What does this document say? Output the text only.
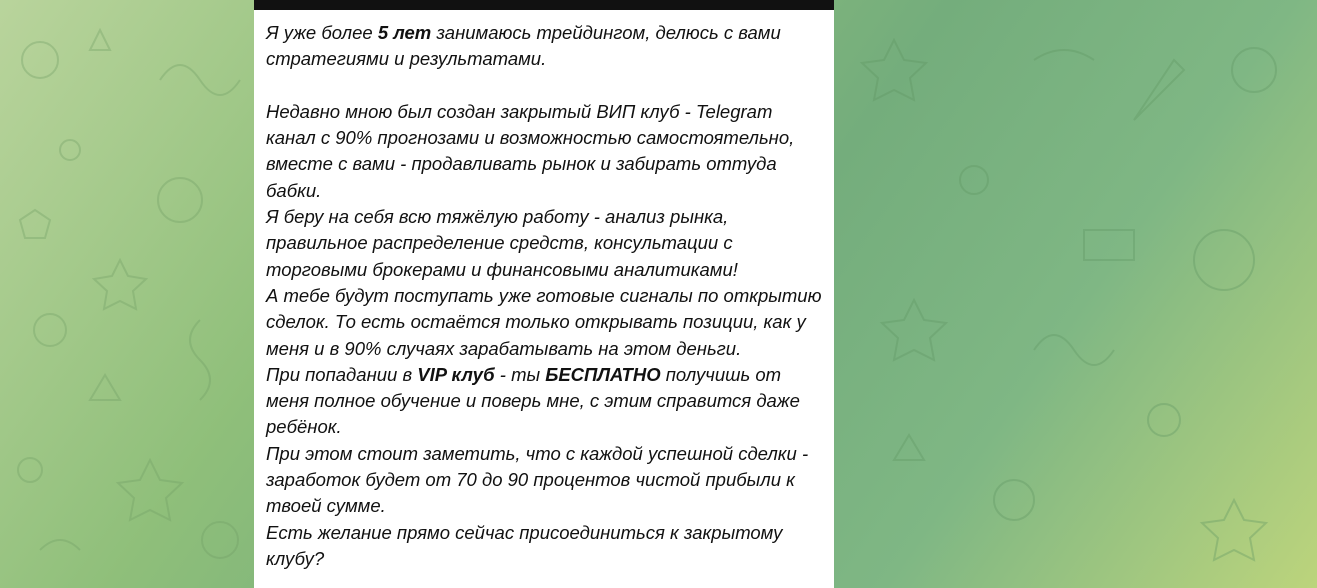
Я уже более 5 лет занимаюсь трейдингом, делюсь с вами стратегиями и результатами.

Недавно мною был создан закрытый ВИП клуб - Telegram канал с 90% прогнозами и возможностью самостоятельно, вместе с вами - продавливать рынок и забирать оттуда бабки.

Я беру на себя всю тяжёлую работу - анализ рынка, правильное распределение средств, консультации с торговыми брокерами и финансовыми аналитиками!

А тебе будут поступать уже готовые сигналы по открытию сделок. То есть остаётся только открывать позиции, как у меня и в 90% случаях зарабатывать на этом деньги.

При попадании в VIP клуб - ты БЕСПЛАТНО получишь от меня полное обучение и поверь мне, с этим справится даже ребёнок.

При этом стоит заметить, что с каждой успешной сделки - заработок будет от 70 до 90 процентов чистой прибыли к твоей сумме.

Есть желание прямо сейчас присоединиться к закрытому клубу?
